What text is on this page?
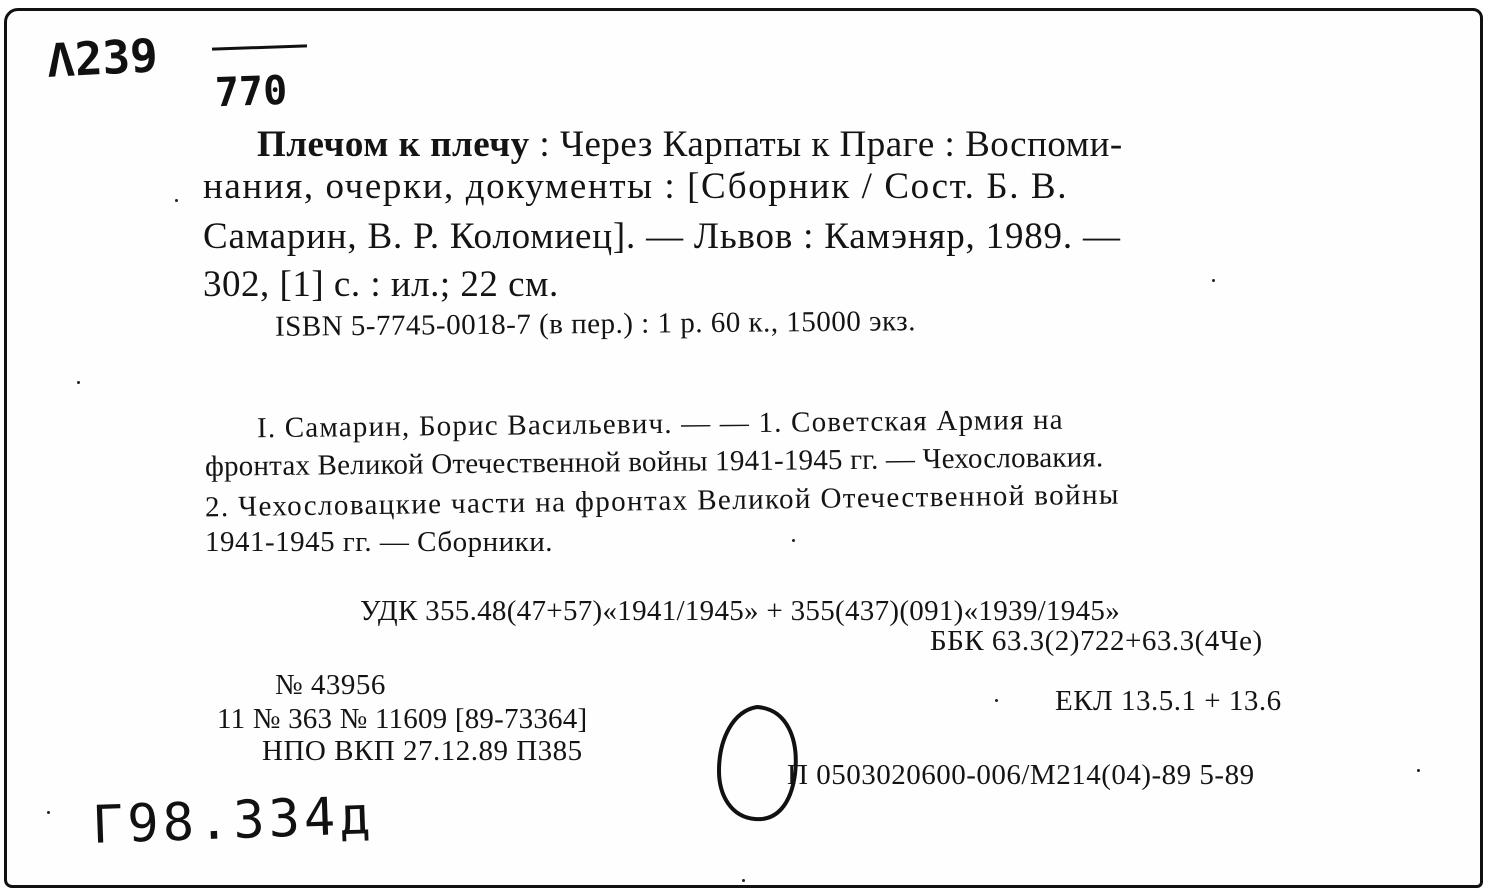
Λ239
770
Плечом к плечу : Через Карпаты к Праге : Воспоми-
нания, очерки, документы : [Сборник / Сост. Б. В.
Самарин, В. Р. Коломиец]. — Львов : Камэняр, 1989. —
302, [1] с. : ил.; 22 см.
ISBN 5-7745-0018-7 (в пер.) : 1 р. 60 к., 15000 экз.
I. Самарин, Борис Васильевич. — — 1. Советская Армия на
фронтах Великой Отечественной войны 1941-1945 гг. — Чехословакия.
2. Чехословацкие части на фронтах Великой Отечественной войны
1941-1945 гг. — Сборники.
УДК 355.48(47+57)«1941/1945» + 355(437)(091)«1939/1945»
ББК 63.3(2)722+63.3(4Че)
№ 43956
11 № 363 № 11609 [89-73364]
НПО ВКП 27.12.89 П385
ЕКЛ 13.5.1 + 13.6
П 0503020600-006/М214(04)-89 5-89
Г98.334д
